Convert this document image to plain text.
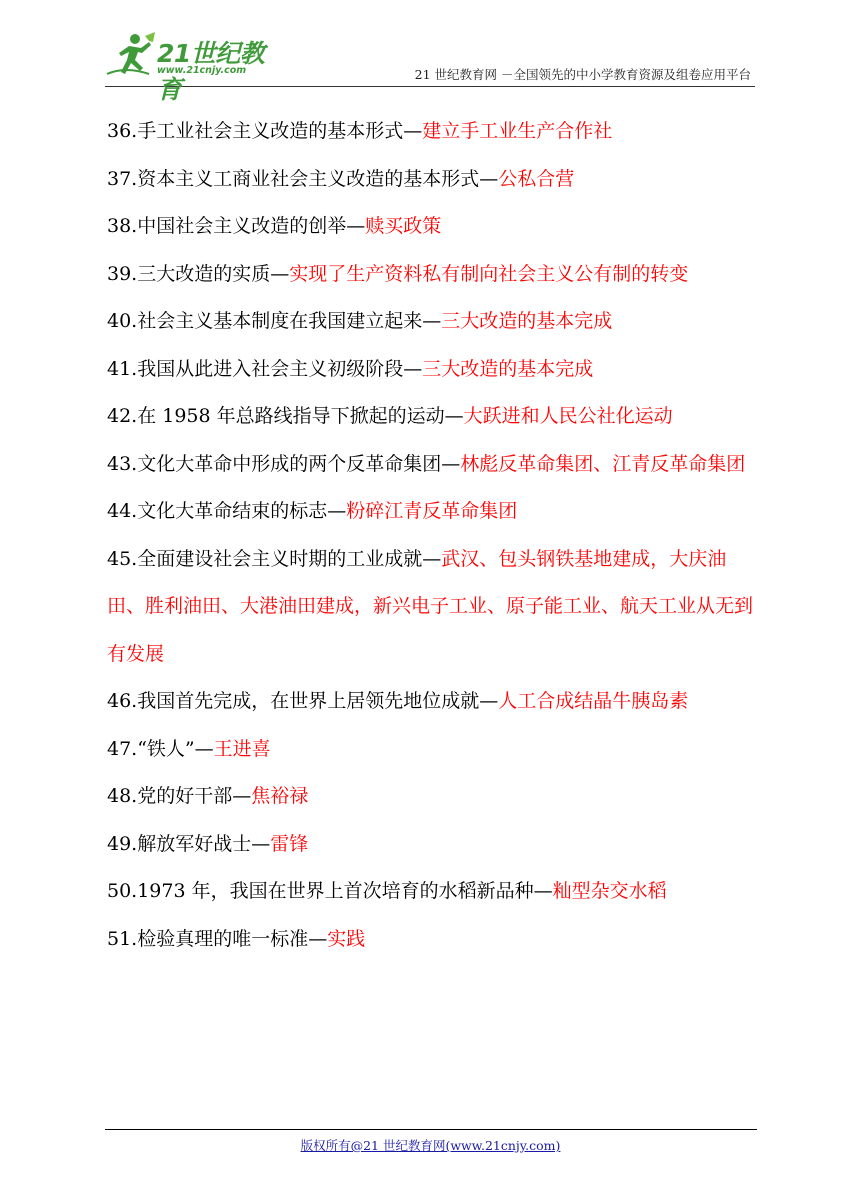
21世纪教育
www.21cnjy.com	21 世纪教育网 －全国领先的中小学教育资源及组卷应用平台

36.手工业社会主义改造的基本形式—建立手工业生产合作社

37.资本主义工商业社会主义改造的基本形式—公私合营

38.中国社会主义改造的创举—赎买政策

39.三大改造的实质—实现了生产资料私有制向社会主义公有制的转变

40.社会主义基本制度在我国建立起来—三大改造的基本完成

41.我国从此进入社会主义初级阶段—三大改造的基本完成

42.在 1958 年总路线指导下掀起的运动—大跃进和人民公社化运动

43.文化大革命中形成的两个反革命集团—林彪反革命集团、江青反革命集团

44.文化大革命结束的标志—粉碎江青反革命集团

45.全面建设社会主义时期的工业成就—武汉、包头钢铁基地建成，大庆油田、胜利油田、大港油田建成，新兴电子工业、原子能工业、航天工业从无到有发展

46.我国首先完成，在世界上居领先地位成就—人工合成结晶牛胰岛素

47.“铁人”—王进喜

48.党的好干部—焦裕禄

49.解放军好战士—雷锋

50.1973 年，我国在世界上首次培育的水稻新品种—籼型杂交水稻

51.检验真理的唯一标准—实践

版权所有@21 世纪教育网(www.21cnjy.com)
